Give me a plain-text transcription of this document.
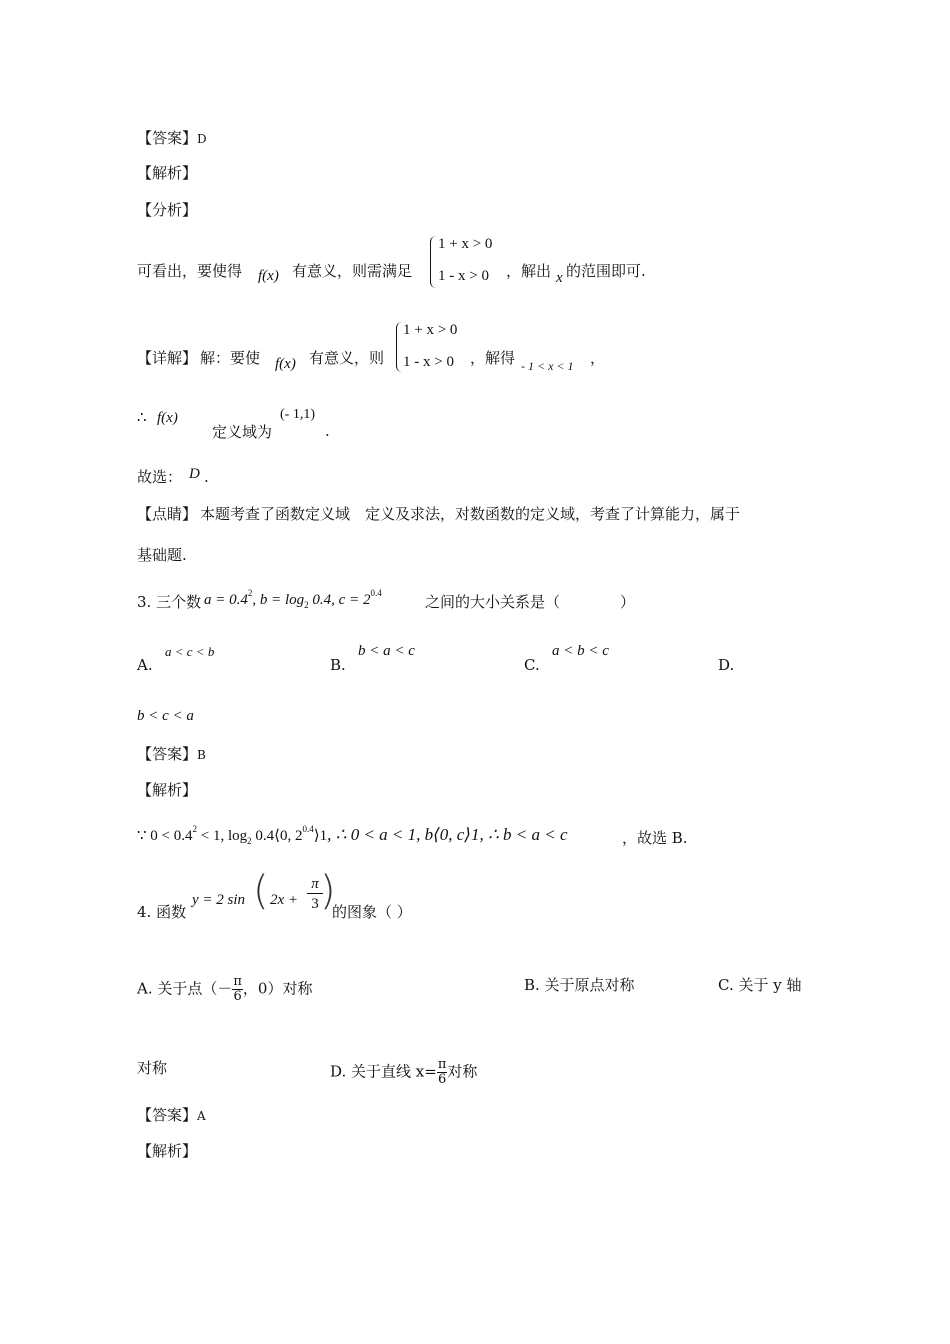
【答案】D
【解析】
【分析】
可看出，要使得 f(x) 有意义，则需满足
1 + x > 0
1 - x > 0 ，解出 x 的范围即可.
【详解】 解：要使 f(x) 有意义，则
1 + x > 0
1 - x > 0 ，解得 - 1 < x < 1 ，
∴ f(x)
定义域为
(- 1,1)
.
故选： D .
【点睛】 本题考查了函数定义域　定义及求法，对数函数的定义域，考查了计算能力，属于
基础题.
3. 三个数 $a = 0.4^2$, $b = \log_2 0.4$, $c = 2^{0.4}$	之间的大小关系是（　　　　）
A.
a < c < b
B.
b < a < c
C.
a < b < c
D.
b < c < a
【答案】B
【解析】
∵ $0 < 0.4^2 < 1$, $\log_2$ 0.4⟨0, $2^{0.4}⟩1$, ∴ 0 < a < 1, b⟨0, c⟩1, ∴ b < a < c	，故选 B.
4. 函数
y = 2 sin ( $2x + \frac{\pi}{3}$
)
的图象（ ）
A. 关于点（－ $\frac{\pi}{6}$ ，0）对称	B. 关于原点对称	C. 关于 y 轴
对称	D. 关于直线 $x= \frac{\pi}{6}$ 对称
【答案】A
【解析】
